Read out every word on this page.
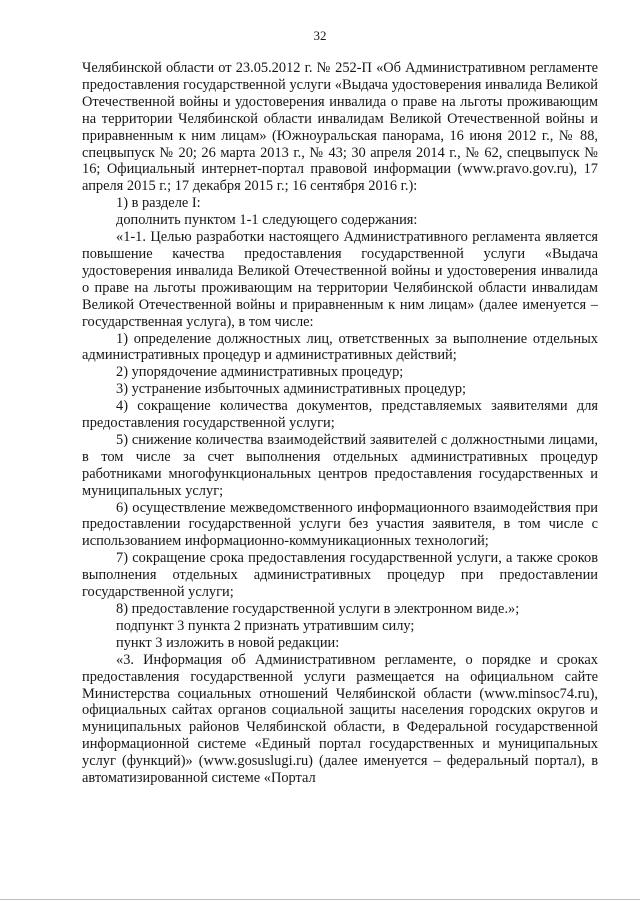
32

Челябинской области от 23.05.2012 г. № 252-П «Об Административном регламенте предоставления государственной услуги «Выдача удостоверения инвалида Великой Отечественной войны и удостоверения инвалида о праве на льготы проживающим на территории Челябинской области инвалидам Великой Отечественной войны и приравненным к ним лицам» (Южноуральская панорама, 16 июня 2012 г., № 88, спецвыпуск № 20; 26 марта 2013 г., № 43; 30 апреля 2014 г., № 62, спецвыпуск № 16; Официальный интернет-портал правовой информации (www.pravo.gov.ru), 17 апреля 2015 г.; 17 декабря 2015 г.; 16 сентября 2016 г.):

1) в разделе I:

дополнить пунктом 1-1 следующего содержания:

«1-1. Целью разработки настоящего Административного регламента является повышение качества предоставления государственной услуги «Выдача удостоверения инвалида Великой Отечественной войны и удостоверения инвалида о праве на льготы проживающим на территории Челябинской области инвалидам Великой Отечественной войны и приравненным к ним лицам» (далее именуется – государственная услуга), в том числе:

1) определение должностных лиц, ответственных за выполнение отдельных административных процедур и административных действий;

2) упорядочение административных процедур;

3) устранение избыточных административных процедур;

4) сокращение количества документов, представляемых заявителями для предоставления государственной услуги;

5) снижение количества взаимодействий заявителей с должностными лицами, в том числе за счет выполнения отдельных административных процедур работниками многофункциональных центров предоставления государственных и муниципальных услуг;

6) осуществление межведомственного информационного взаимодействия при предоставлении государственной услуги без участия заявителя, в том числе с использованием информационно-коммуникационных технологий;

7) сокращение срока предоставления государственной услуги, а также сроков выполнения отдельных административных процедур при предоставлении государственной услуги;

8) предоставление государственной услуги в электронном виде.»;

подпункт 3 пункта 2 признать утратившим силу;

пункт 3 изложить в новой редакции:

«3. Информация об Административном регламенте, о порядке и сроках предоставления государственной услуги размещается на официальном сайте Министерства социальных отношений Челябинской области (www.minsoc74.ru), официальных сайтах органов социальной защиты населения городских округов и муниципальных районов Челябинской области, в Федеральной государственной информационной системе «Единый портал государственных и муниципальных услуг (функций)» (www.gosuslugi.ru) (далее именуется – федеральный портал), в автоматизированной системе «Портал
